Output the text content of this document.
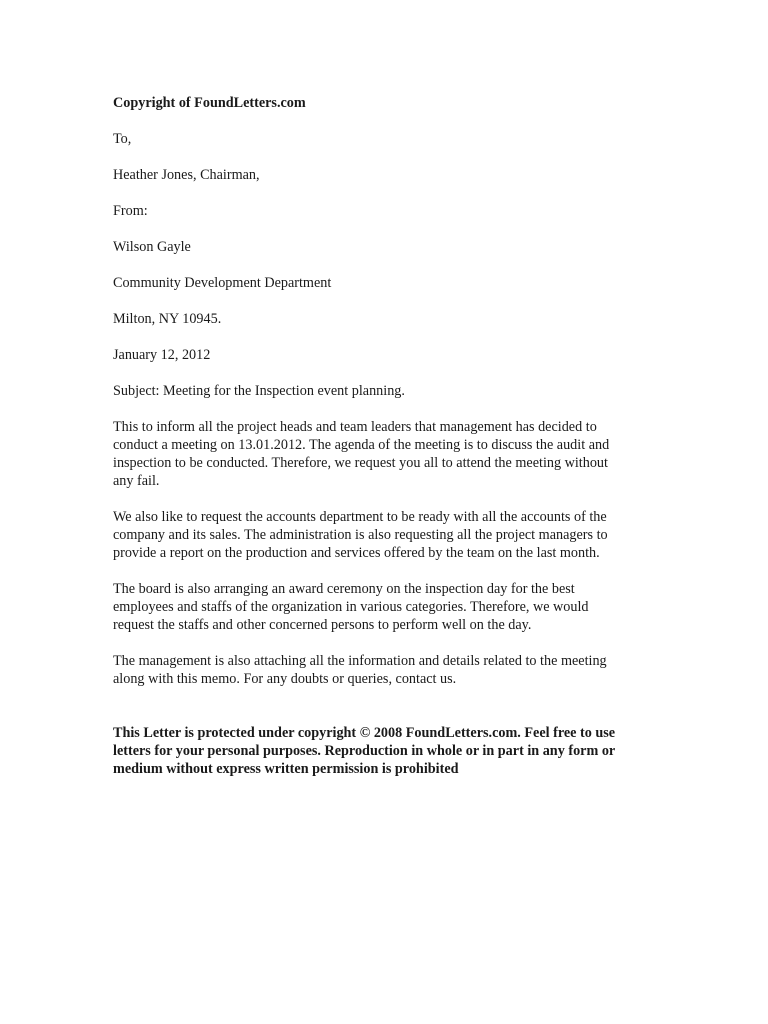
Copyright of FoundLetters.com

To,

Heather Jones, Chairman,

From:

Wilson Gayle

Community Development Department

Milton, NY 10945.

January 12, 2012

Subject: Meeting for the Inspection event planning.

This to inform all the project heads and team leaders that management has decided to
conduct a meeting on 13.01.2012. The agenda of the meeting is to discuss the audit and
inspection to be conducted. Therefore, we request you all to attend the meeting without
any fail.
We also like to request the accounts department to be ready with all the accounts of the
company and its sales. The administration is also requesting all the project managers to
provide a report on the production and services offered by the team on the last month.
The board is also arranging an award ceremony on the inspection day for the best
employees and staffs of the organization in various categories. Therefore, we would
request the staffs and other concerned persons to perform well on the day.
The management is also attaching all the information and details related to the meeting
along with this memo. For any doubts or queries, contact us.
This Letter is protected under copyright © 2008 FoundLetters.com. Feel free to use
letters for your personal purposes. Reproduction in whole or in part in any form or
medium without express written permission is prohibited
